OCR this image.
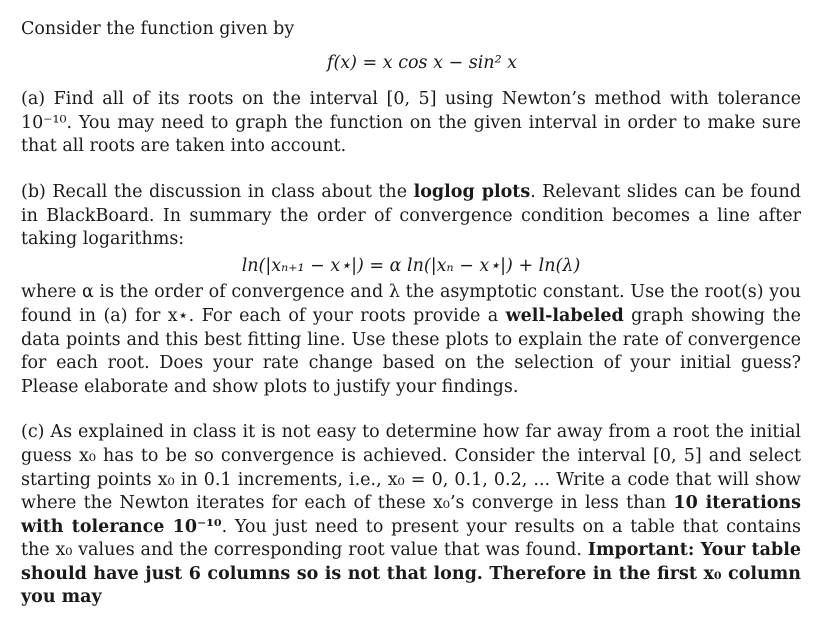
Consider the function given by

f(x) = x cos x − sin² x

(a) Find all of its roots on the interval [0, 5] using Newton’s method with tolerance 10⁻¹⁰. You may need to graph the function on the given interval in order to make sure that all roots are taken into account.

(b) Recall the discussion in class about the loglog plots. Relevant slides can be found in BlackBoard. In summary the order of convergence condition becomes a line after taking logarithms:

ln(|xₙ₊₁ − x⋆|) = α ln(|xₙ − x⋆|) + ln(λ)

where α is the order of convergence and λ the asymptotic constant. Use the root(s) you found in (a) for x⋆. For each of your roots provide a well-labeled graph showing the data points and this best fitting line. Use these plots to explain the rate of convergence for each root. Does your rate change based on the selection of your initial guess? Please elaborate and show plots to justify your findings.

(c) As explained in class it is not easy to determine how far away from a root the initial guess x₀ has to be so convergence is achieved. Consider the interval [0, 5] and select starting points x₀ in 0.1 increments, i.e., x₀ = 0, 0.1, 0.2, ... Write a code that will show where the Newton iterates for each of these x₀’s converge in less than 10 iterations with tolerance 10⁻¹⁰. You just need to present your results on a table that contains the x₀ values and the corresponding root value that was found. Important: Your table should have just 6 columns so is not that long. Therefore in the first x₀ column you may
